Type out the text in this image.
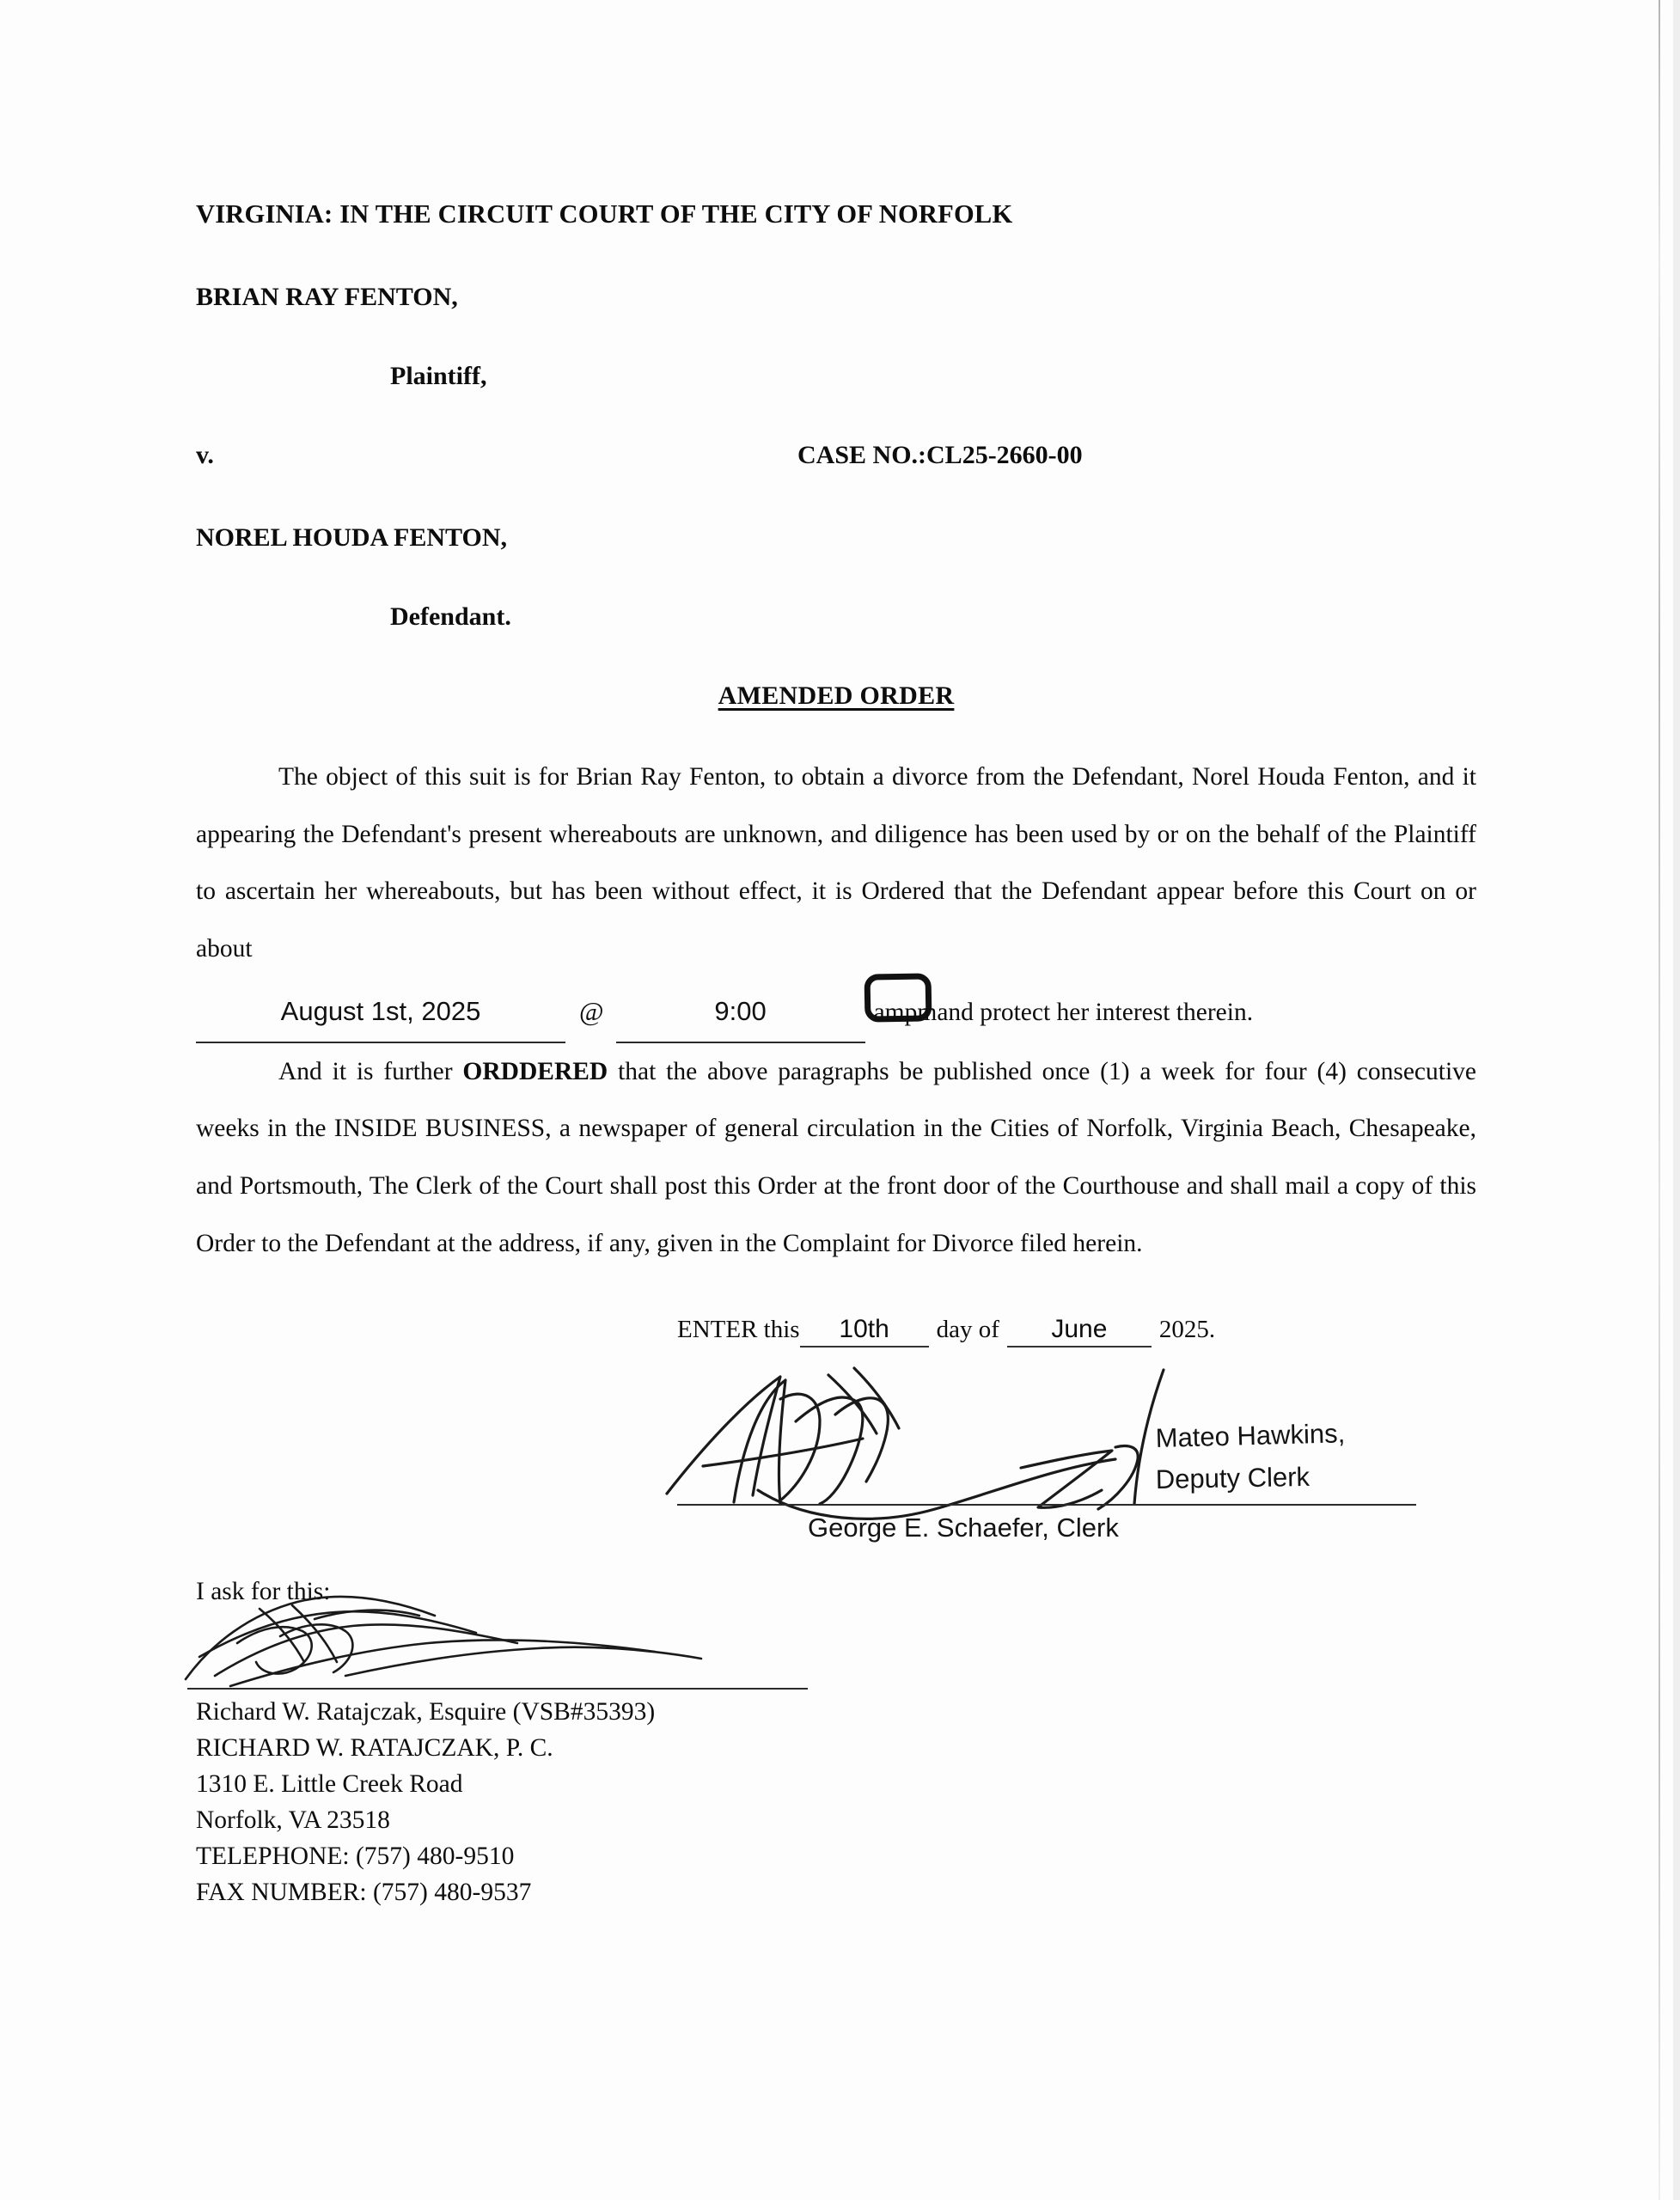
VIRGINIA: IN THE CIRCUIT COURT OF THE CITY OF NORFOLK
BRIAN RAY FENTON,
Plaintiff,
v.	CASE NO.:CL25-2660-00
NOREL HOUDA FENTON,
Defendant.
AMENDED ORDER

The object of this suit is for Brian Ray Fenton, to obtain a divorce from the Defendant, Norel Houda Fenton, and it appearing the Defendant's present whereabouts are unknown, and diligence has been used by or on the behalf of the Plaintiff to ascertain her whereabouts, but has been without effect, it is Ordered that the Defendant appear before this Court on or about

August 1st, 2025	@	9:00	am pm and protect her interest therein.

And it is further ORDDERED that the above paragraphs be published once (1) a week for four (4) consecutive weeks in the INSIDE BUSINESS, a newspaper of general circulation in the Cities of Norfolk, Virginia Beach, Chesapeake, and Portsmouth, The Clerk of the Court shall post this Order at the front door of the Courthouse and shall mail a copy of this Order to the Defendant at the address, if any, given in the Complaint for Divorce filed herein.

ENTER this	10th	day of	June	2025.
Mateo Hawkins,
Deputy Clerk
George E. Schaefer, Clerk
I ask for this:
Richard W. Ratajczak, Esquire (VSB#35393)
RICHARD W. RATAJCZAK, P. C.
1310 E. Little Creek Road
Norfolk, VA 23518
TELEPHONE: (757) 480-9510
FAX NUMBER: (757) 480-9537
